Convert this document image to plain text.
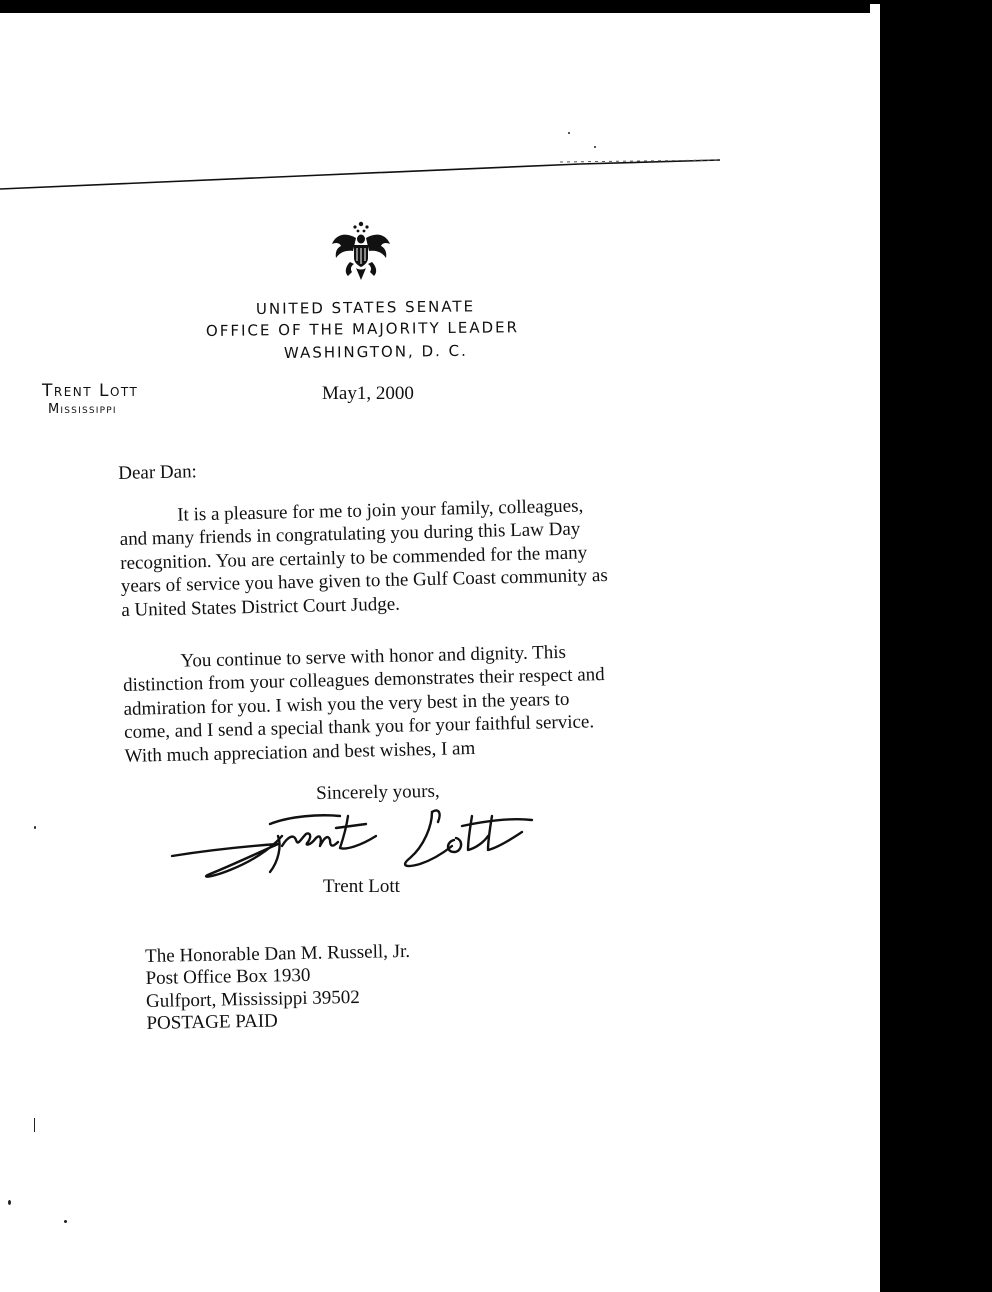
UNITED STATES SENATE
OFFICE OF THE MAJORITY LEADER
WASHINGTON, D. C.
Trent Lott
Mississippi
May1, 2000

Dear Dan:

It is a pleasure for me to join your family, colleagues,

and many friends in congratulating you during this Law Day

recognition. You are certainly to be commended for the many

years of service you have given to the Gulf Coast community as

a United States District Court Judge.

You continue to serve with honor and dignity. This

distinction from your colleagues demonstrates their respect and

admiration for you. I wish you the very best in the years to

come, and I send a special thank you for your faithful service.

With much appreciation and best wishes, I am

Sincerely yours,
Trent Lott
The Honorable Dan M. Russell, Jr.
Post Office Box 1930
Gulfport, Mississippi 39502
POSTAGE PAID
